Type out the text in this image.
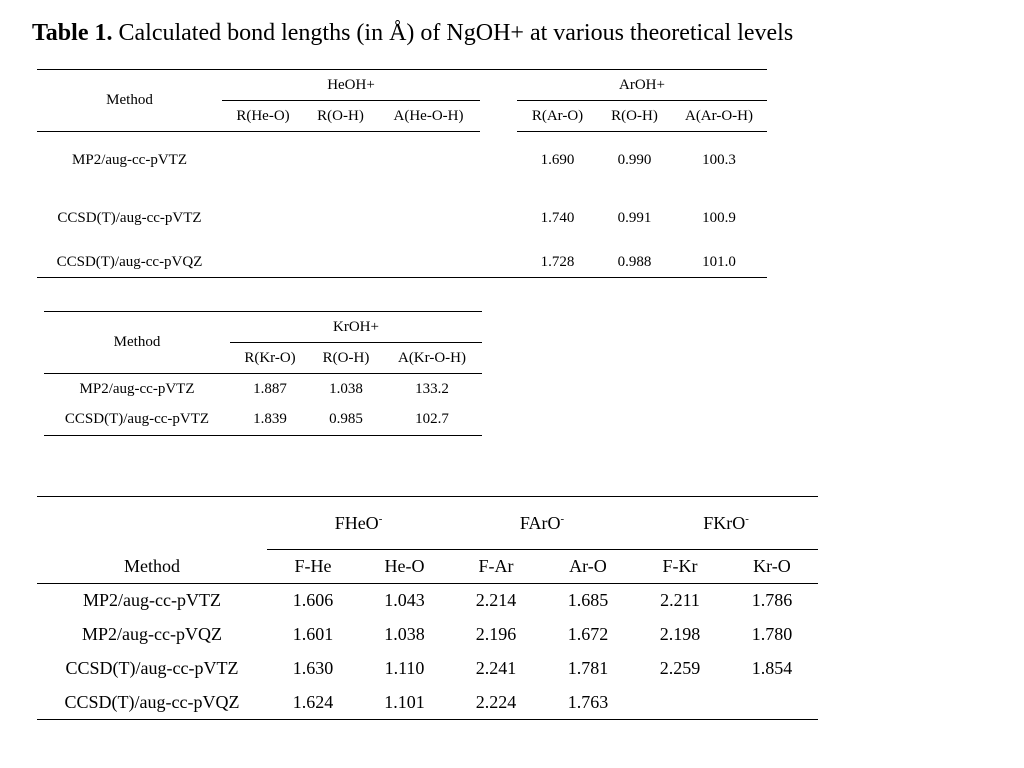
Table 1. Calculated bond lengths (in Å) of NgOH+ at various theoretical levels
Method	HeOH+				ArOH+		
	R(He-O)	R(O-H)	A(He-O-H)		R(Ar-O)	R(O-H)	A(Ar-O-H)
MP2/aug-cc-pVTZ					1.690	0.990	100.3
CCSD(T)/aug-cc-pVTZ					1.740	0.991	100.9
CCSD(T)/aug-cc-pVQZ					1.728	0.988	101.0
Method	KrOH+		
	R(Kr-O)	R(O-H)	A(Kr-O-H)
MP2/aug-cc-pVTZ	1.887	1.038	133.2
CCSD(T)/aug-cc-pVTZ	1.839	0.985	102.7
	FHeO-		FArO-		FKrO-
Method	F-He	He-O	F-Ar	Ar-O	F-Kr	Kr-O
MP2/aug-cc-pVTZ	1.606	1.043	2.214	1.685	2.211	1.786
MP2/aug-cc-pVQZ	1.601	1.038	2.196	1.672	2.198	1.780
CCSD(T)/aug-cc-pVTZ	1.630	1.110	2.241	1.781	2.259	1.854
CCSD(T)/aug-cc-pVQZ	1.624	1.101	2.224	1.763		
